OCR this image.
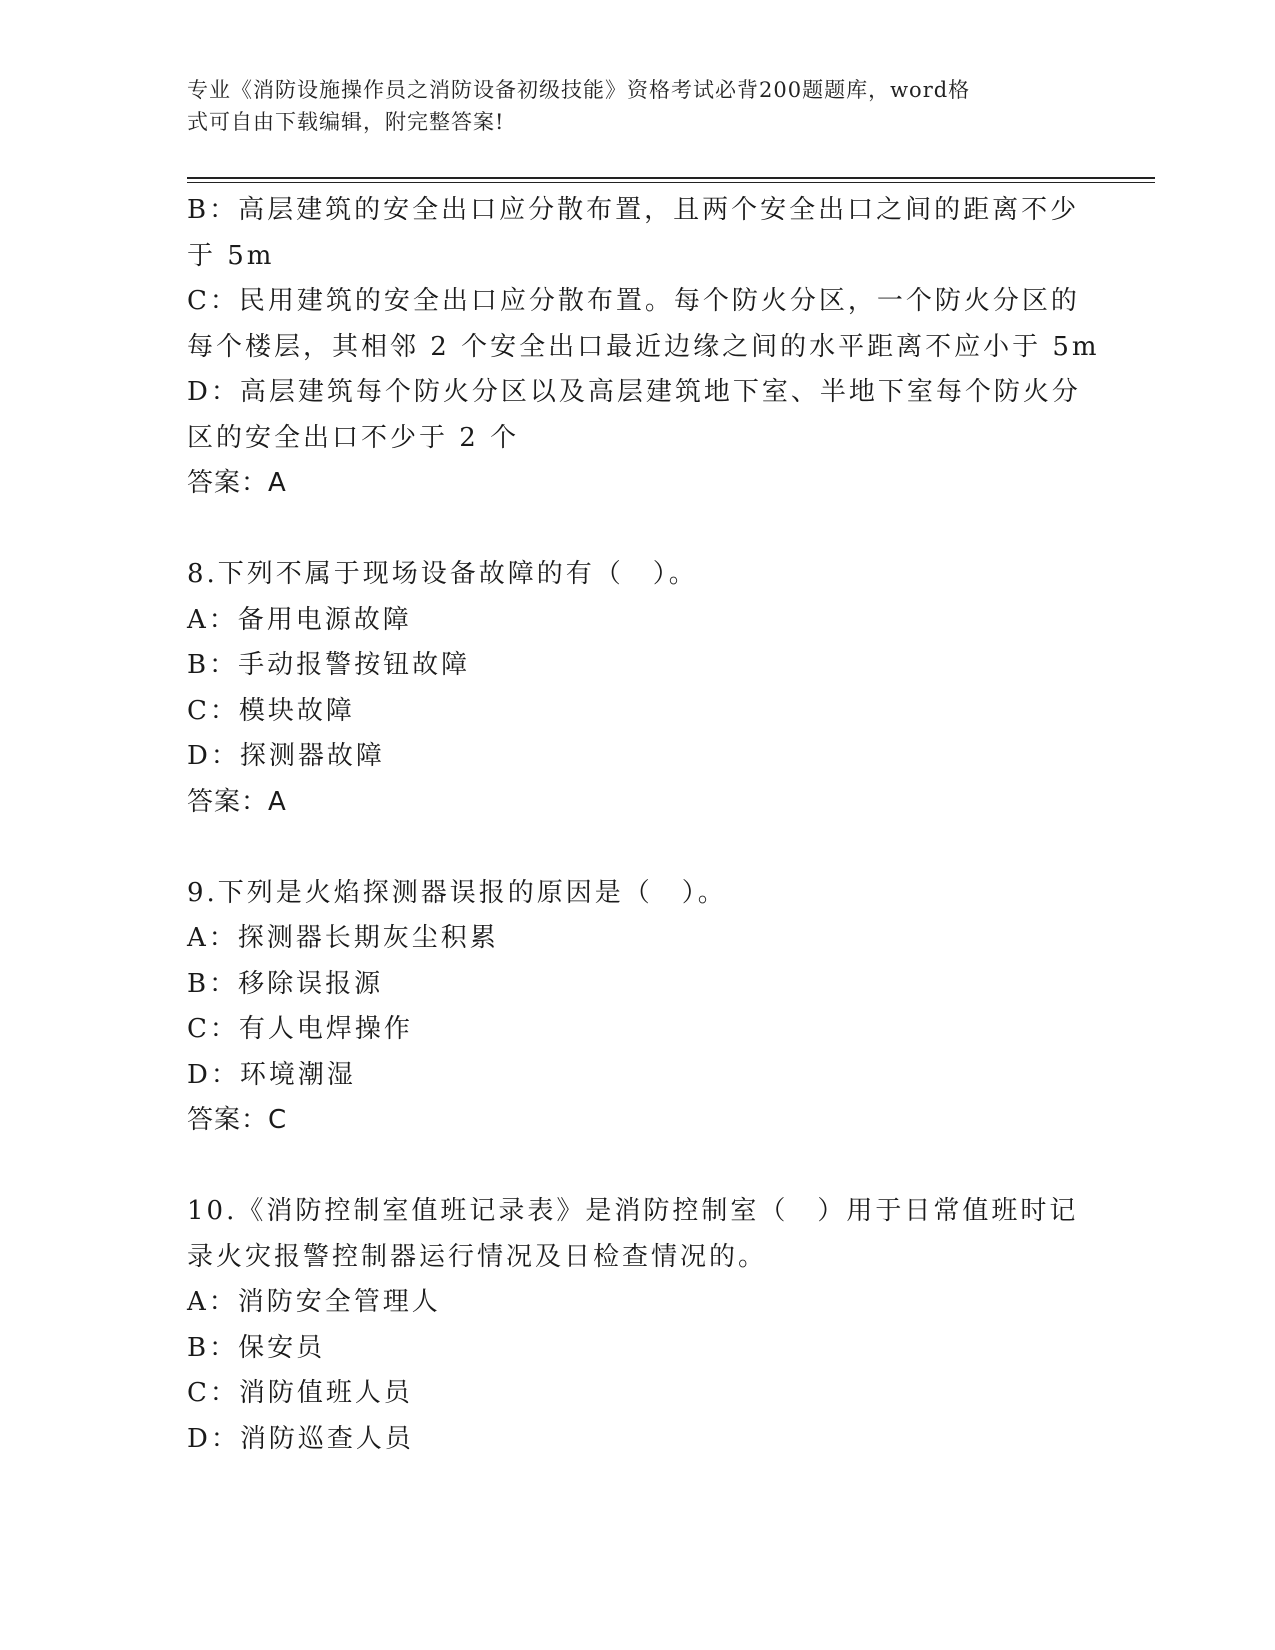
专业《消防设施操作员之消防设备初级技能》资格考试必背200题题库，word格
式可自由下载编辑，附完整答案!
B：高层建筑的安全出口应分散布置，且两个安全出口之间的距离不少
于 5m
C：民用建筑的安全出口应分散布置。每个防火分区，一个防火分区的
每个楼层，其相邻 2 个安全出口最近边缘之间的水平距离不应小于 5m
D：高层建筑每个防火分区以及高层建筑地下室、半地下室每个防火分
区的安全出口不少于 2 个
答案：A
8.下列不属于现场设备故障的有（　）。
A：备用电源故障
B：手动报警按钮故障
C：模块故障
D：探测器故障
答案：A
9.下列是火焰探测器误报的原因是（　）。
A：探测器长期灰尘积累
B：移除误报源
C：有人电焊操作
D：环境潮湿
答案：C
10.《消防控制室值班记录表》是消防控制室（　）用于日常值班时记
录火灾报警控制器运行情况及日检查情况的。
A：消防安全管理人
B：保安员
C：消防值班人员
D：消防巡查人员
